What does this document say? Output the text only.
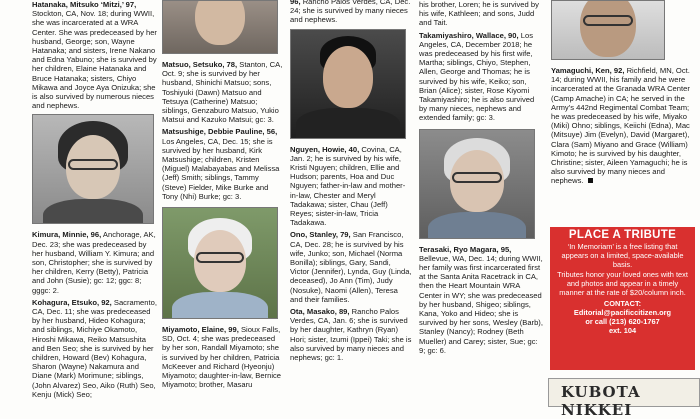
Hatanaka, Mitsuko ‘Mitzi,’ 97, Stockton, CA, Nov. 18; during WWII, she was incarcerated at a WRA Center. She was predeceased by her husband, George; son, Wayne Hatanaka; and sisters, Irene Nakano and Edna Yabuno; she is survived by her children, Elaine Hatanaka and Bruce Hatanaka; sisters, Chiyo Mikawa and Joyce Aya Onizuka; she is also survived by numerous nieces and nephews.

Kimura, Minnie, 96, Anchorage, AK, Dec. 23; she was predeceased by her husband, William Y. Kimura; and son, Christopher; she is survived by her children, Kerry (Betty), Patricia and John (Susie); gc: 12; ggc: 8; gggc: 2.

Kohagura, Etsuko, 92, Sacramento, CA, Dec. 11; she was predeceased by her husband, Hideo Kohagura; and siblings, Michiye Okamoto, Hiroshi Mikawa, Reiko Matsushita and Ben Seo; she is survived by her children, Howard (Bev) Kohagura, Sharon (Wayne) Nakamura and Diane (Mark) Morimune; siblings, (John Alvarez) Seo, Aiko (Ruth) Seo, Kenju (Mick) Seo;

Matsuo, Setsuko, 78, Stanton, CA, Oct. 9; she is survived by her husband, Shinichi Matsuo; sons, Toshiyuki (Dawn) Matsuo and Tetsuya (Catherine) Matsuo; siblings, Genzaburo Matsuo, Yukio Matsui and Kazuko Matsui; gc: 3.

Matsushige, Debbie Pauline, 56, Los Angeles, CA, Dec. 15; she is survived by her husband, Kirk Matsushige; children, Kristen (Miguel) Malabayabas and Melissa (Jeff) Smith; siblings, Tammy (Steve) Fielder, Mike Burke and Tony (Nhi) Burke; gc: 3.

Miyamoto, Elaine, 99, Sioux Falls, SD, Oct. 4; she was predeceased by her son, Randall Miyamoto; she is survived by her children, Patricia McKeever and Richard (Hyeonju) Miyamoto; daughter-in-law, Bernice Miyamoto; brother, Masaru

96, Rancho Palos Verdes, CA, Dec. 24; she is survived by many nieces and nephews.

Nguyen, Howie, 40, Covina, CA, Jan. 2; he is survived by his wife, Kristi Nguyen; children, Ellie and Hudson; parents, Hoa and Duc Nguyen; father-in-law and mother-in-law, Chester and Meryl Tadakawa; sister, Chau (Jeff) Reyes; sister-in-law, Tricia Tadakawa.

Ono, Stanley, 79, San Francisco, CA, Dec. 28; he is survived by his wife, Junko; son, Michael (Norma Bonilla); siblings, Gary, Sandi, Victor (Jennifer), Lynda, Guy (Linda, deceased), Jo Ann (Tim), Judy (Nosuke), Naomi (Allen), Teresa and their families.

Ota, Masako, 89, Rancho Palos Verdes, CA, Jan. 6; she is survived by her daughter, Kathryn (Ryan) Hori; sister, Izumi (Ippei) Taki; she is also survived by many nieces and nephews; gc: 1.

his brother, Loren; he is survived by his wife, Kathleen; and sons, Judd and Tait.

Takamiyashiro, Wallace, 90, Los Angeles, CA, December 2018; he was predeceased by his first wife, Martha; siblings, Chiyo, Stephen, Allen, George and Thomas; he is survived by his wife, Keiko; son, Brian (Alice); sister, Rose Kiyomi Takamiyashiro; he is also survived by many nieces, nephews and extended family; gc: 3.

Terasaki, Ryo Magara, 95, Bellevue, WA, Dec. 14; during WWII, her family was first incarcerated first at the Santa Anita Racetrack in CA, then the Heart Mountain WRA Center in WY; she was predeceased by her husband, Shigeo; siblings, Kana, Yoko and Hideo; she is survived by her sons, Wesley (Barb), Stanley (Nancy); Rodney (Beth Mueller) and Carey; sister, Sue; gc: 9; gc: 6.

Yamaguchi, Ken, 92, Richfield, MN, Oct. 14; during WWII, his family and he were incarcerated at the Granada WRA Center (Camp Amache) in CA; he served in the Army’s 442nd Regimental Combat Team; he was predeceased by his wife, Miyako (Miki) Ohno; siblings, Keiichi (Edna), Mac (Mitsuye) Jim (Evelyn), David (Margaret), Clara (Sam) Miyano and Grace (William) Kimoto; he is survived by his daughter, Christine; sister, Aileen Yamaguchi; he is also survived by many nieces and nephews.

PLACE A TRIBUTE

‘In Memoriam’ is a free listing that appears on a limited, space-available basis.

Tributes honor your loved ones with text and photos and appear in a timely manner at the rate of $20/column inch.

CONTACT:

Editorial@pacificcitizen.org

or call (213) 620-1767

ext. 104

KUBOTA NIKKEI
